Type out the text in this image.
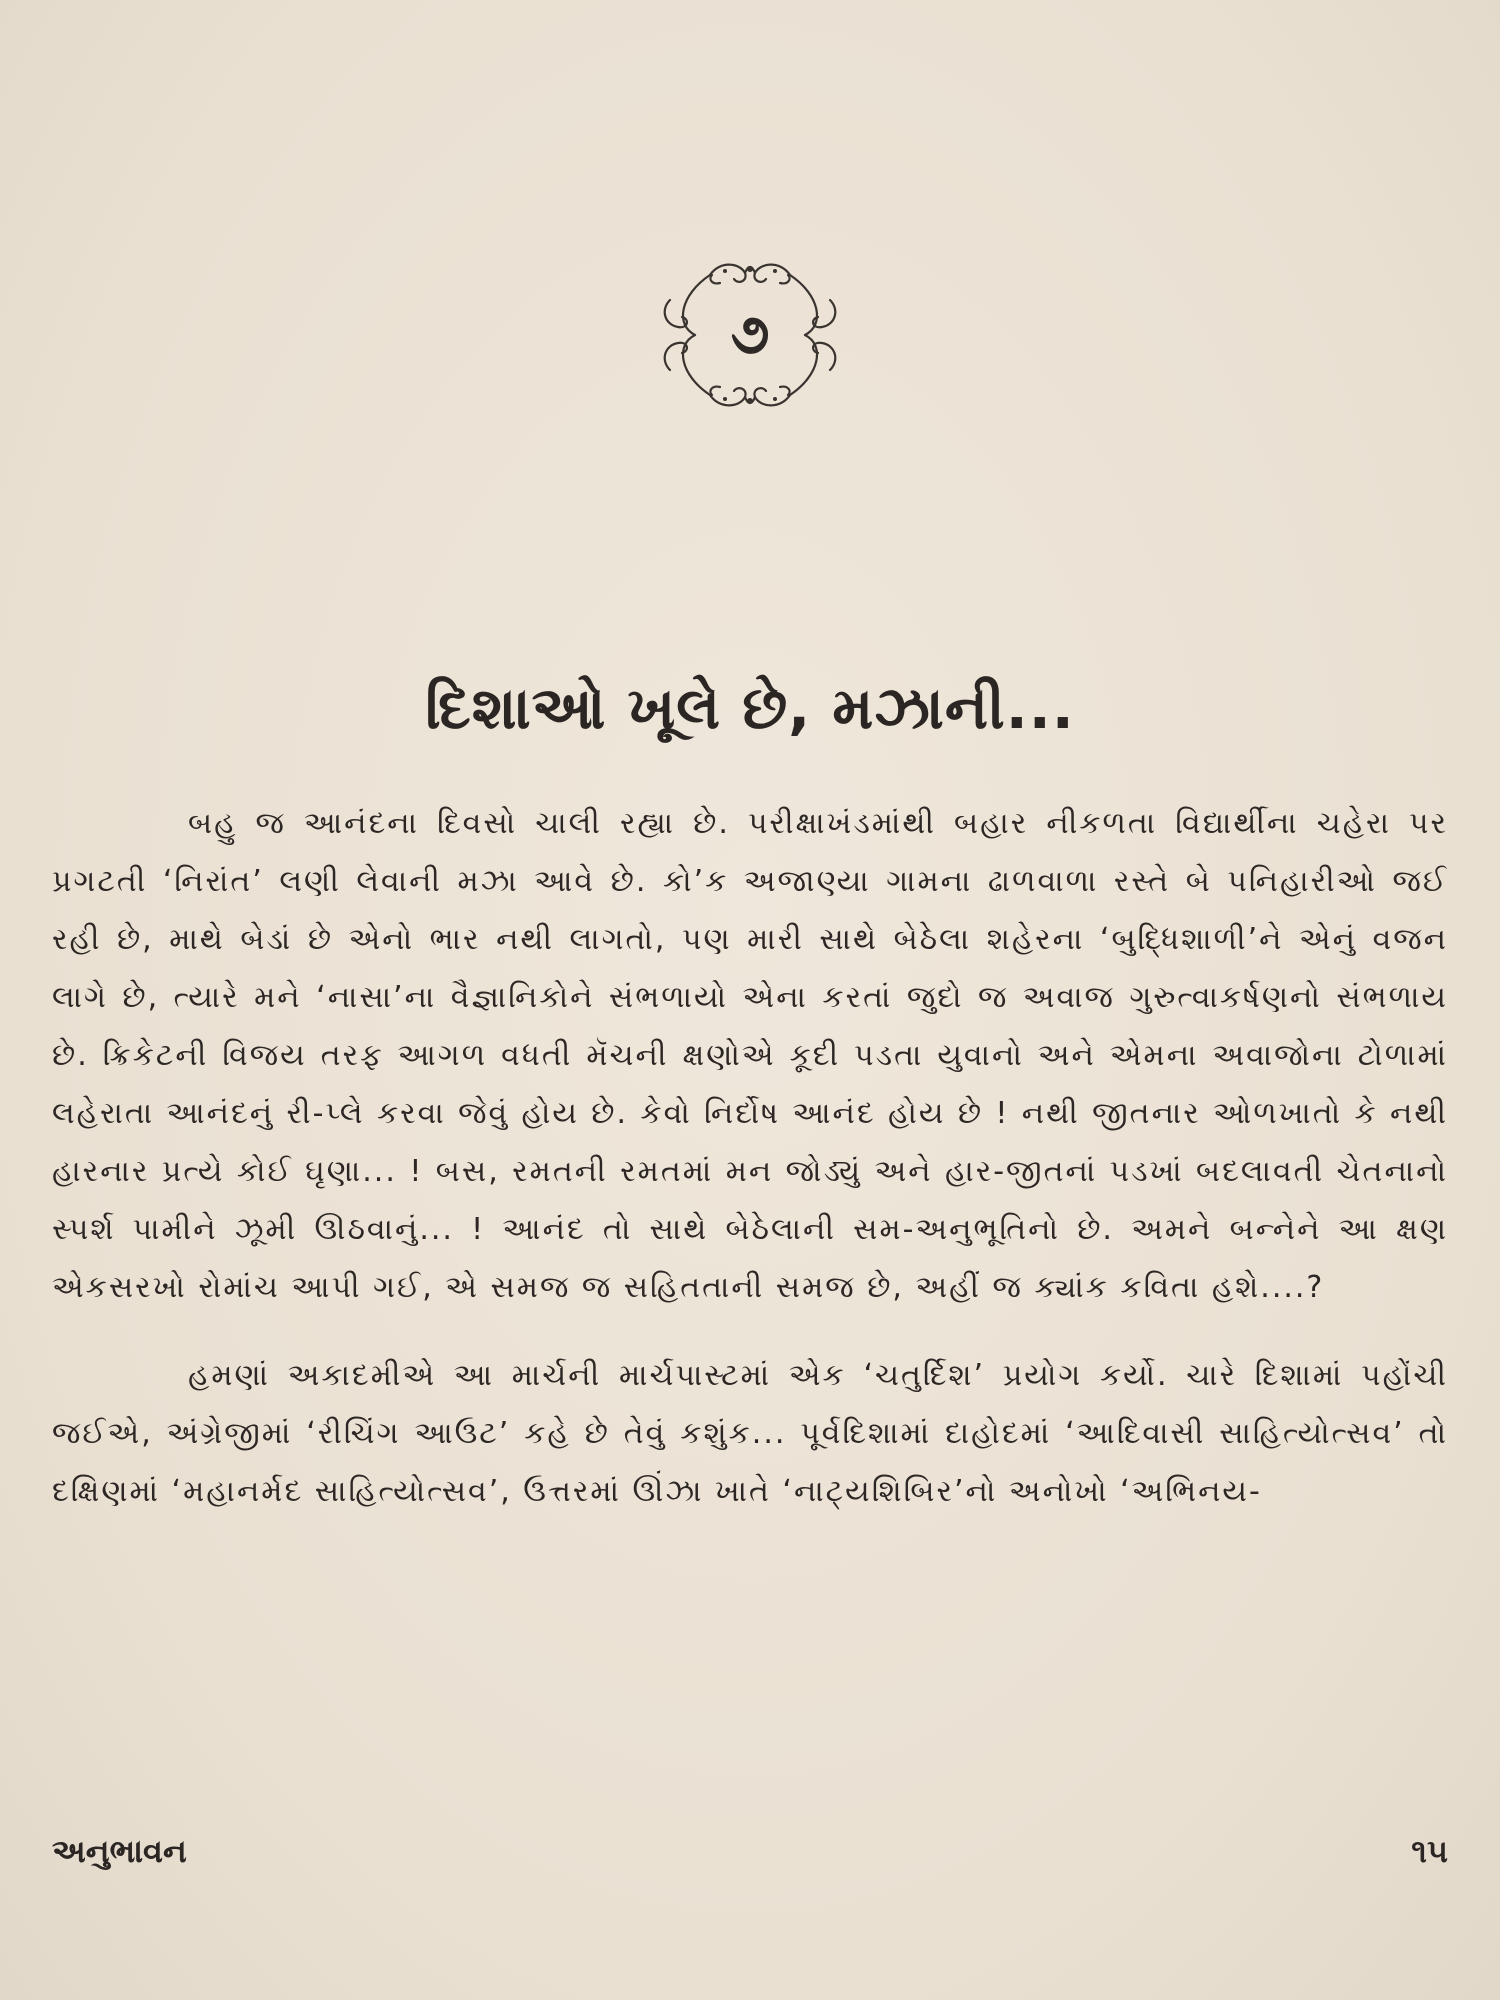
૭
દિશાઓ ખૂલે છે, મઝાની...

બહુ જ આનંદના દિવસો ચાલી રહ્યા છે. પરીક્ષાખંડમાંથી બહાર નીકળતા વિદ્યાર્થીના ચહેરા પર પ્રગટતી ‘નિરાંત’ લણી લેવાની મઝા આવે છે. કો’ક અજાણ્યા ગામના ઢાળવાળા રસ્તે બે પનિહારીઓ જઈ રહી છે, માથે બેડાં છે એનો ભાર નથી લાગતો, પણ મારી સાથે બેઠેલા શહેરના ‘બુદ્ધિશાળી’ને એનું વજન લાગે છે, ત્યારે મને ‘નાસા’ના વૈજ્ઞાનિકોને સંભળાયો એના કરતાં જુદો જ અવાજ ગુરુત્વાકર્ષણનો સંભળાય છે. ક્રિકેટની વિજય તરફ આગળ વધતી મૅચની ક્ષણોએ કૂદી પડતા યુવાનો અને એમના અવાજોના ટોળામાં લહેરાતા આનંદનું રી-પ્લે કરવા જેવું હોય છે. કેવો નિર્દોષ આનંદ હોય છે ! નથી જીતનાર ઓળખાતો કે નથી હારનાર પ્રત્યે કોઈ ઘૃણા... ! બસ, રમતની રમતમાં મન જોડ્યું અને હાર-જીતનાં પડખાં બદલાવતી ચેતનાનો સ્પર્શ પામીને ઝૂમી ઊઠવાનું... ! આનંદ તો સાથે બેઠેલાની સમ-અનુભૂતિનો છે. અમને બન્નેને આ ક્ષણ એકસરખો રોમાંચ આપી ગઈ, એ સમજ જ સહિતતાની સમજ છે, અહીં જ ક્યાંક કવિતા હશે....?

હમણાં અકાદમીએ આ માર્ચની માર્ચપાસ્ટમાં એક ‘ચતુર્દિશ’ પ્રયોગ કર્યો. ચારે દિશામાં પહોંચી જઈએ, અંગ્રેજીમાં ‘રીચિંગ આઉટ’ કહે છે તેવું કશુંક... પૂર્વદિશામાં દાહોદમાં ‘આદિવાસી સાહિત્યોત્સવ’ તો દક્ષિણમાં ‘મહાનર્મદ સાહિત્યોત્સવ’, ઉત્તરમાં ઊંઝા ખાતે ‘નાટ્યશિબિર’નો અનોખો ‘અભિનય-

અનુભાવન	૧૫
